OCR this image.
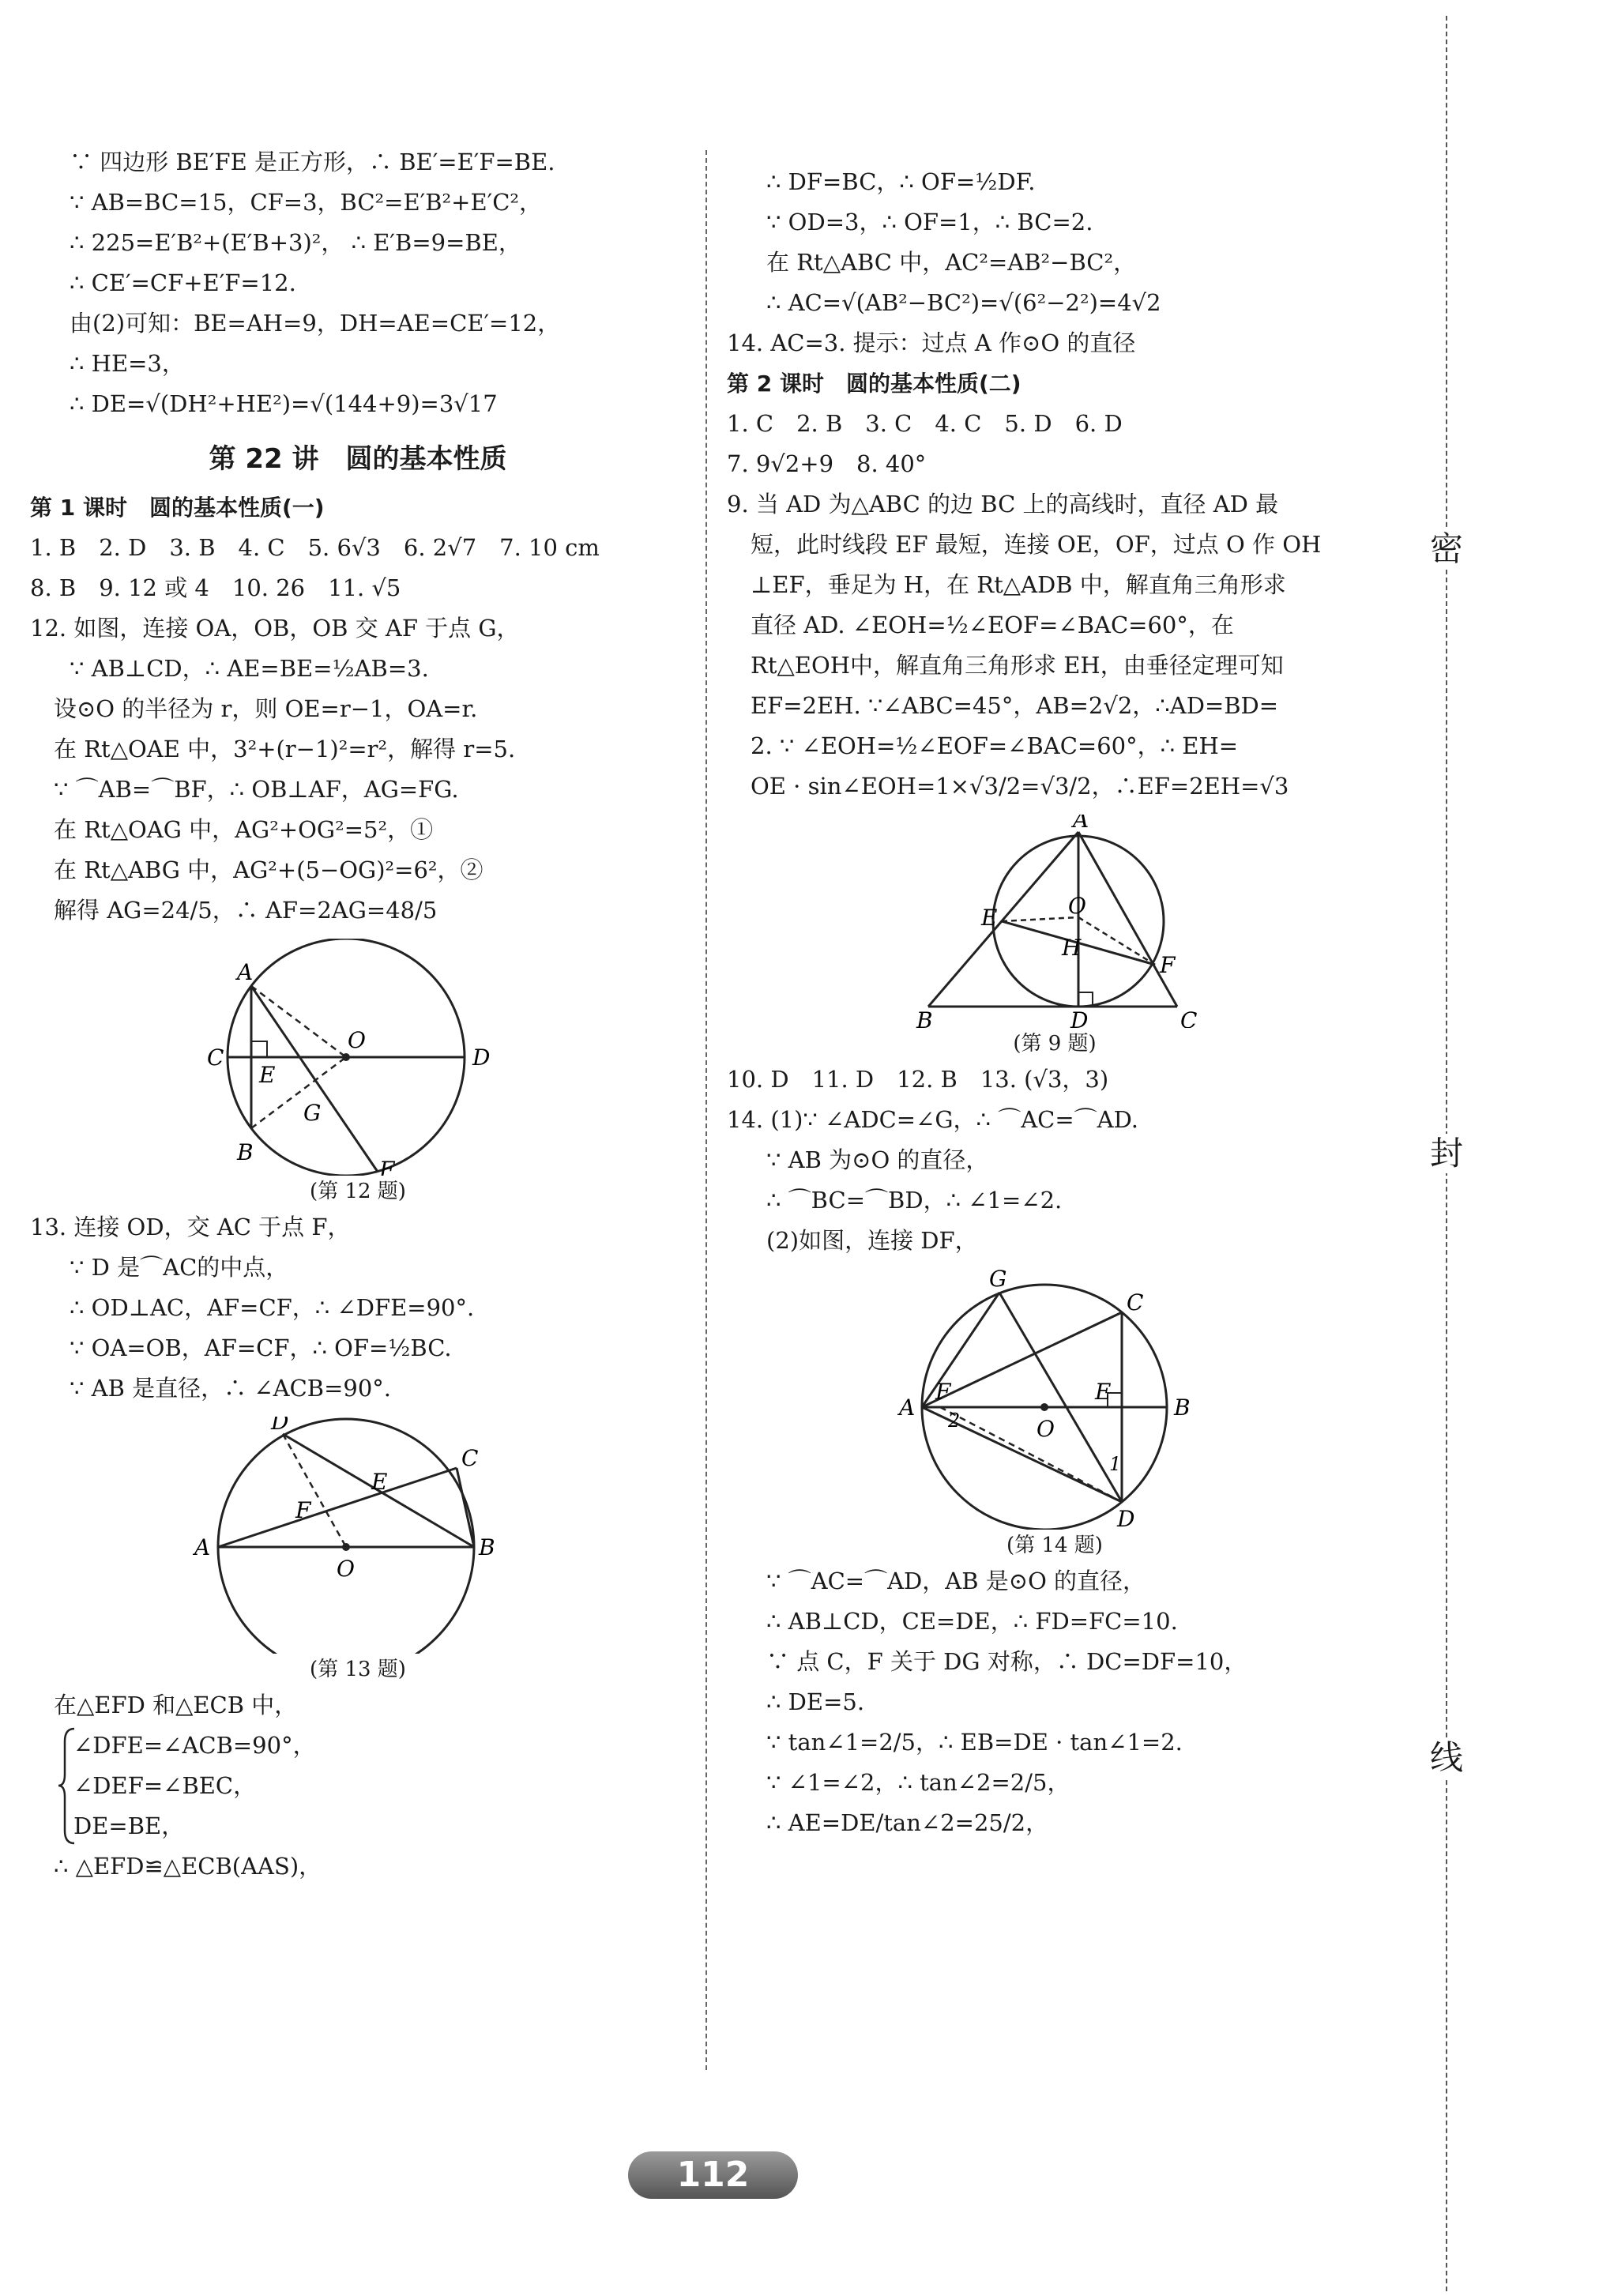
密
封
线
∵ 四边形 BE′FE 是正方形，∴ BE′=E′F=BE.
∵ AB=BC=15，CF=3，BC²=E′B²+E′C²，
∴ 225=E′B²+(E′B+3)²， ∴ E′B=9=BE，
∴ CE′=CF+E′F=12.
由(2)可知：BE=AH=9，DH=AE=CE′=12，
∴ HE=3，
∴ DE=√(DH²+HE²)=√(144+9)=3√17
第 22 讲　圆的基本性质
第 1 课时　圆的基本性质(一)
1. B　2. D　3. B　4. C　5. 6√3　6. 2√7　7. 10 cm
8. B　9. 12 或 4　10. 26　11. √5
12. 如图，连接 OA，OB，OB 交 AF 于点 G，
∵ AB⊥CD，∴ AE=BE=½AB=3.
设⊙O 的半径为 r，则 OE=r−1，OA=r.
在 Rt△OAE 中，3²+(r−1)²=r²，解得 r=5.
∵ ⌒AB=⌒BF，∴ OB⊥AF，AG=FG.
在 Rt△OAG 中，AG²+OG²=5²，①
在 Rt△ABG 中，AG²+(5−OG)²=6²，②
解得 AG=24/5，∴ AF=2AG=48/5
A
B
C	D
E
F
G
O
(第 12 题)
13. 连接 OD，交 AC 于点 F，
∵ D 是⌒AC的中点，
∴ OD⊥AC，AF=CF，∴ ∠DFE=90°.
∵ OA=OB，AF=CF，∴ OF=½BC.
∵ AB 是直径，∴ ∠ACB=90°.
D
C
A	B
E
F
O
(第 13 题)
在△EFD 和△ECB 中，
∠DFE=∠ACB=90°，
∠DEF=∠BEC，
DE=BE，
∴ △EFD≌△ECB(AAS)，
∴ DF=BC，∴ OF=½DF.
∵ OD=3，∴ OF=1，∴ BC=2.
在 Rt△ABC 中，AC²=AB²−BC²，
∴ AC=√(AB²−BC²)=√(6²−2²)=4√2
14. AC=3. 提示：过点 A 作⊙O 的直径
第 2 课时　圆的基本性质(二)
1. C　2. B　3. C　4. C　5. D　6. D
7. 9√2+9　8. 40°
9. 当 AD 为△ABC 的边 BC 上的高线时，直径 AD 最
短，此时线段 EF 最短，连接 OE，OF，过点 O 作 OH
⊥EF，垂足为 H，在 Rt△ADB 中，解直角三角形求
直径 AD. ∠EOH=½∠EOF=∠BAC=60°，在
Rt△EOH中，解直角三角形求 EH，由垂径定理可知
EF=2EH. ∵∠ABC=45°，AB=2√2，∴AD=BD=
2. ∵ ∠EOH=½∠EOF=∠BAC=60°，∴ EH=
OE · sin∠EOH=1×√3/2=√3/2，∴EF=2EH=√3
A
B	C
D
E
F
H
O
(第 9 题)
10. D　11. D　12. B　13. (√3，3)
14. (1)∵ ∠ADC=∠G，∴ ⌒AC=⌒AD.
∵ AB 为⊙O 的直径，
∴ ⌒BC=⌒BD，∴ ∠1=∠2.
(2)如图，连接 DF，
G
C
A	B
D
E
F
O
1
2
(第 14 题)
∵ ⌒AC=⌒AD，AB 是⊙O 的直径，
∴ AB⊥CD，CE=DE，∴ FD=FC=10.
∵ 点 C，F 关于 DG 对称，∴ DC=DF=10，
∴ DE=5.
∵ tan∠1=2/5，∴ EB=DE · tan∠1=2.
∵ ∠1=∠2，∴ tan∠2=2/5，
∴ AE=DE/tan∠2=25/2，
112
